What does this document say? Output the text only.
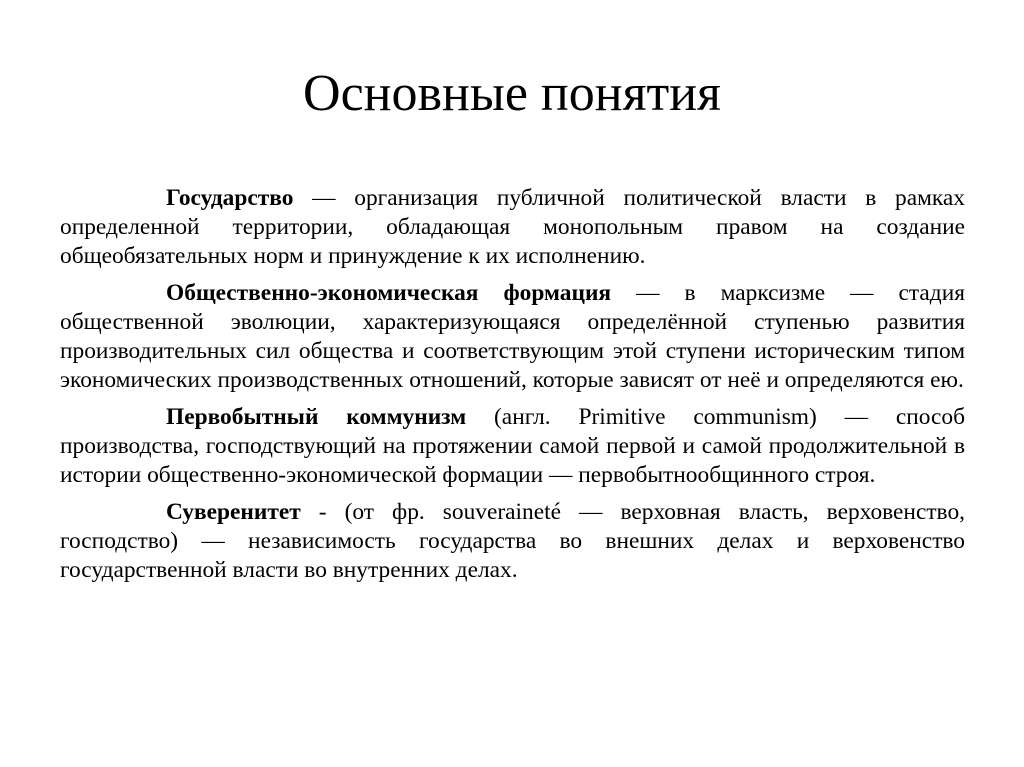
Основные понятия

Государство — организация публичной политической власти в рамках определенной территории, обладающая монопольным правом на создание общеобязательных норм и принуждение к их исполнению.

Общественно-экономическая формация — в марксизме — стадия общественной эволюции, характеризующаяся определённой ступенью развития производительных сил общества и соответствующим этой ступени историческим типом экономических производственных отношений, которые зависят от неё и определяются ею.

Первобытный коммунизм (англ. Primitive communism) — способ производства, господствующий на протяжении самой первой и самой продолжительной в истории общественно-экономической формации — первобытнообщинного строя.

Суверенитет - (от фр. souveraineté — верховная власть, верховенство, господство) — независимость государства во внешних делах и верховенство государственной власти во внутренних делах.
